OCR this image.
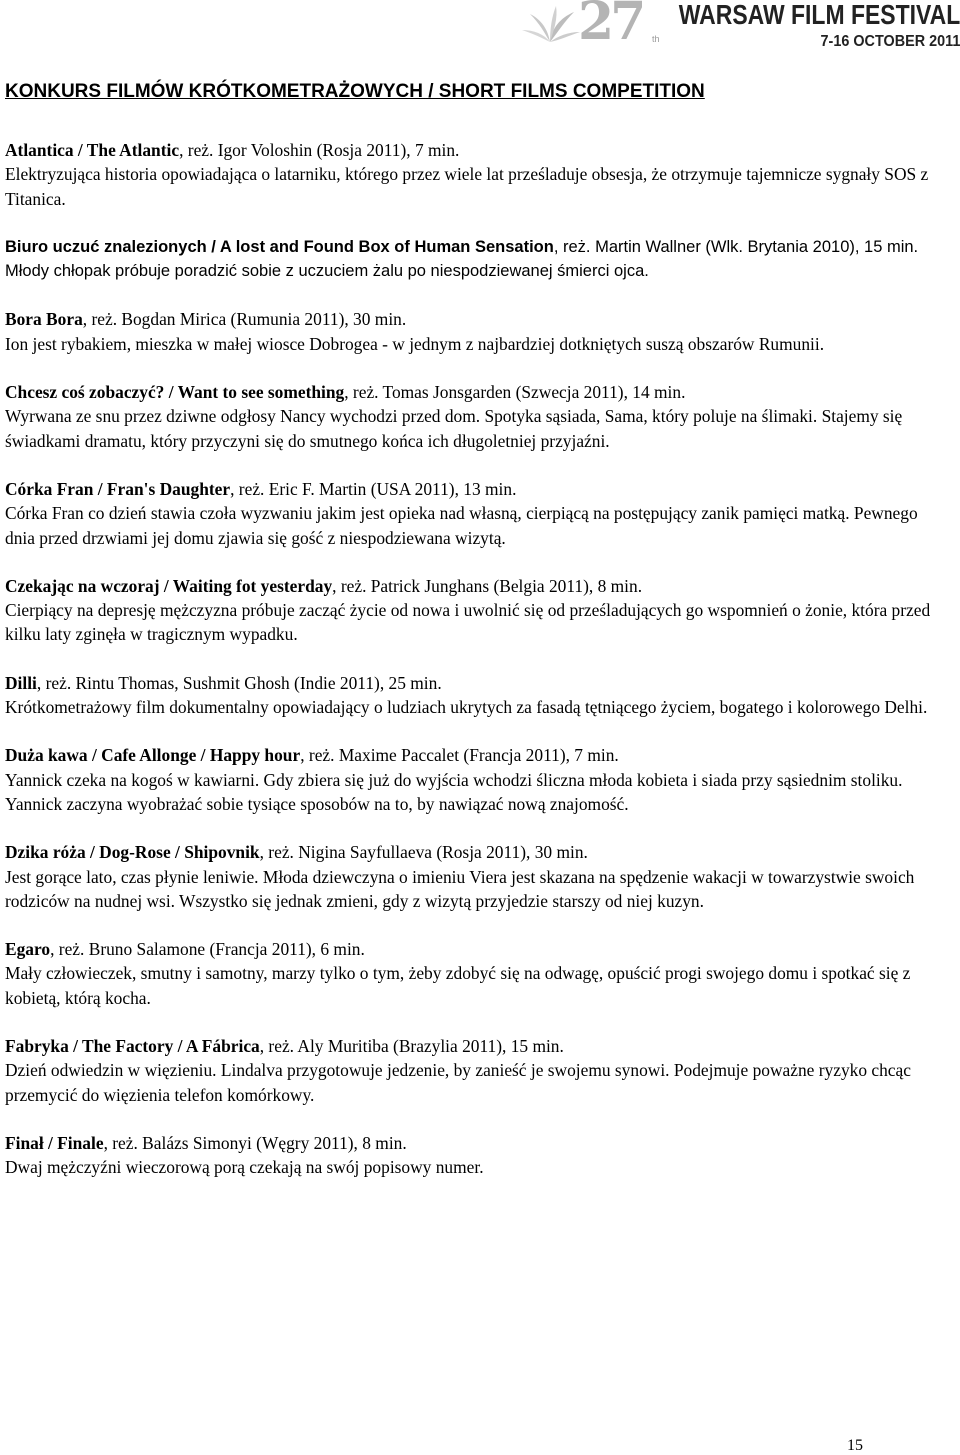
27 th
WARSAW FILM FESTIVAL
7-16 OCTOBER 2011
KONKURS FILMÓW KRÓTKOMETRAŻOWYCH / SHORT FILMS COMPETITION

Atlantica / The Atlantic, reż. Igor Voloshin (Rosja 2011), 7 min.

Elektryzująca historia opowiadająca o latarniku, którego przez wiele lat prześladuje obsesja, że otrzymuje tajemnicze sygnały SOS z Titanica.

Biuro uczuć znalezionych / A lost and Found Box of Human Sensation, reż. Martin Wallner (Wlk. Brytania 2010), 15 min.

Młody chłopak próbuje poradzić sobie z uczuciem żalu po niespodziewanej śmierci ojca.

Bora Bora, reż. Bogdan Mirica (Rumunia 2011), 30 min.

Ion jest rybakiem, mieszka w małej wiosce Dobrogea - w jednym z najbardziej dotkniętych suszą obszarów Rumunii.

Chcesz coś zobaczyć? / Want to see something, reż. Tomas Jonsgarden (Szwecja 2011), 14 min.

Wyrwana ze snu przez dziwne odgłosy Nancy wychodzi przed dom. Spotyka sąsiada, Sama, który poluje na ślimaki. Stajemy się świadkami dramatu, który przyczyni się do smutnego końca ich długoletniej przyjaźni.

Córka Fran / Fran's Daughter, reż. Eric F. Martin (USA 2011), 13 min.

Córka Fran co dzień stawia czoła wyzwaniu jakim jest opieka nad własną, cierpiącą na postępujący zanik pamięci matką. Pewnego dnia przed drzwiami jej domu zjawia się gość z niespodziewana wizytą.

Czekając na wczoraj / Waiting fot yesterday, reż. Patrick Junghans (Belgia 2011), 8 min.

Cierpiący na depresję mężczyzna próbuje zacząć życie od nowa i uwolnić się od prześladujących go wspomnień o żonie, która przed kilku laty zginęła w tragicznym wypadku.

Dilli, reż. Rintu Thomas, Sushmit Ghosh (Indie 2011), 25 min.

Krótkometrażowy film dokumentalny opowiadający o ludziach ukrytych za fasadą tętniącego życiem, bogatego i kolorowego Delhi.

Duża kawa / Cafe Allonge / Happy hour, reż. Maxime Paccalet (Francja 2011), 7 min.

Yannick czeka na kogoś w kawiarni. Gdy zbiera się już do wyjścia wchodzi śliczna młoda kobieta i siada przy sąsiednim stoliku. Yannick zaczyna wyobrażać sobie tysiące sposobów na to, by nawiązać nową znajomość.

Dzika róża / Dog-Rose / Shipovnik, reż. Nigina Sayfullaeva (Rosja 2011), 30 min.

Jest gorące lato, czas płynie leniwie. Młoda dziewczyna o imieniu Viera jest skazana na spędzenie wakacji w towarzystwie swoich rodziców na nudnej wsi. Wszystko się jednak zmieni, gdy z wizytą przyjedzie starszy od niej kuzyn.

Egaro, reż. Bruno Salamone (Francja 2011), 6 min.

Mały człowieczek, smutny i samotny, marzy tylko o tym, żeby zdobyć się na odwagę, opuścić progi swojego domu i spotkać się z kobietą, którą kocha.

Fabryka / The Factory / A Fábrica, reż. Aly Muritiba (Brazylia 2011), 15 min.

Dzień odwiedzin w więzieniu. Lindalva przygotowuje jedzenie, by zanieść je swojemu synowi. Podejmuje poważne ryzyko chcąc przemycić do więzienia telefon komórkowy.

Finał / Finale, reż. Balázs Simonyi (Węgry 2011), 8 min.

Dwaj mężczyźni wieczorową porą czekają na swój popisowy numer.

15
